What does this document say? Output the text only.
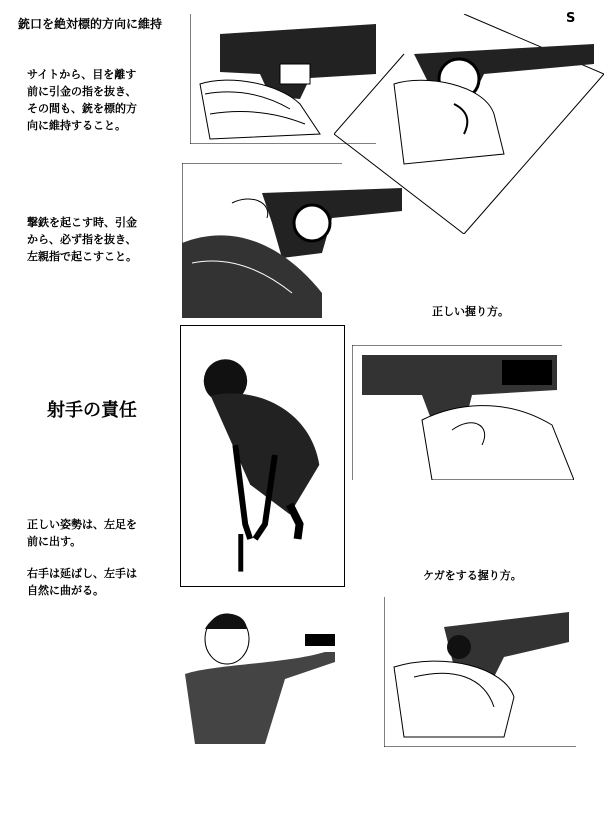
銃口を絶対標的方向に維持
サイトから、目を離す
前に引金の指を抜き、
その間も、銃を標的方
向に維持すること。
撃鉄を起こす時、引金
から、必ず指を抜き、
左親指で起こすこと。
正しい握り方。
射手の責任
正しい姿勢は、左足を
前に出す。
右手は延ばし、左手は
自然に曲がる。
ケガをする握り方。
S
